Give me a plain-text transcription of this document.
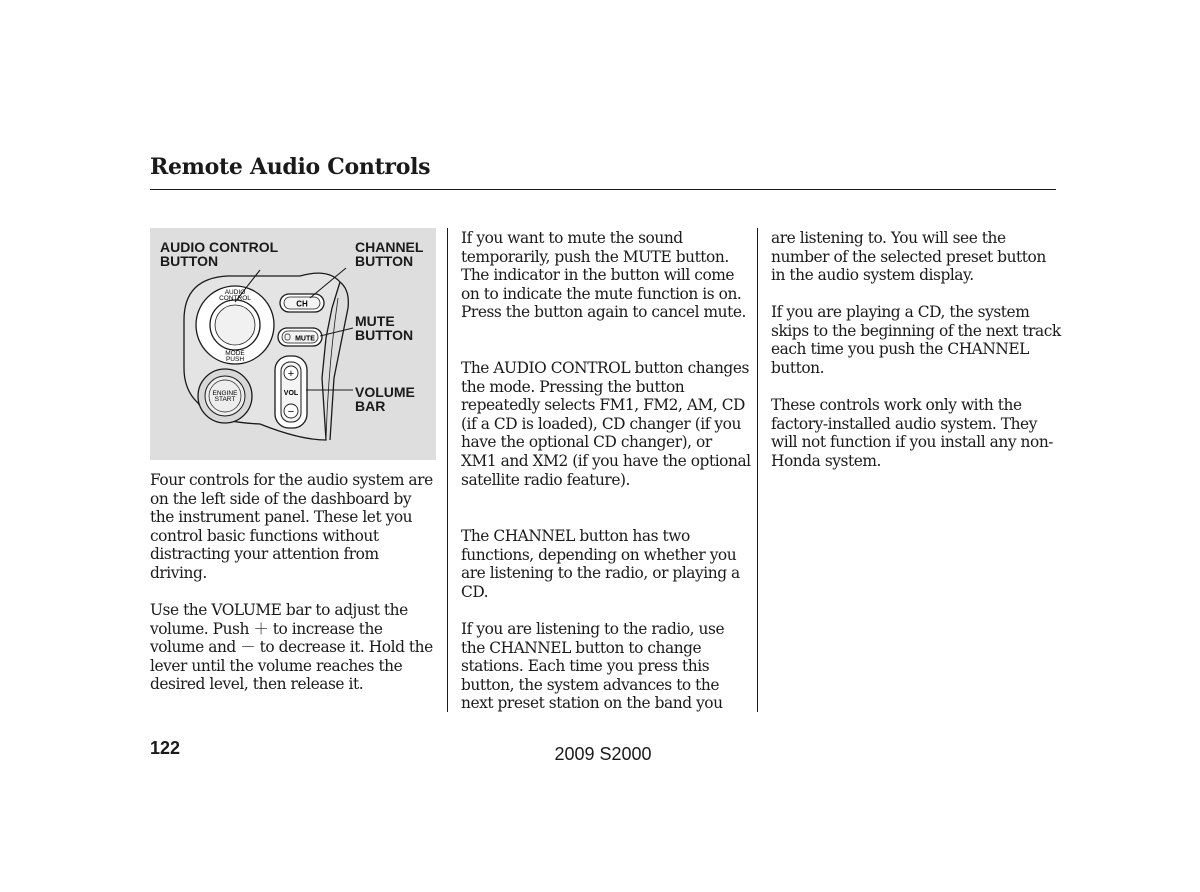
Remote Audio Controls
AUDIO
CONTROL
MODE
PUSH
ENGINE
START
CH
MUTE
+
VOL
−
AUDIO CONTROL
BUTTON
CHANNEL
BUTTON
MUTE
BUTTON
VOLUME
BAR

Four controls for the audio system are on the left side of the dashboard by the instrument panel. These let you control basic functions without distracting your attention from driving.

Use the VOLUME bar to adjust the volume. Push ＋ to increase the volume and － to decrease it. Hold the lever until the volume reaches the desired level, then release it.

If you want to mute the sound temporarily, push the MUTE button. The indicator in the button will come on to indicate the mute function is on. Press the button again to cancel mute.

The AUDIO CONTROL button changes the mode. Pressing the button repeatedly selects FM1, FM2, AM, CD (if a CD is loaded), CD changer (if you have the optional CD changer), or XM1 and XM2 (if you have the optional satellite radio feature).

The CHANNEL button has two functions, depending on whether you are listening to the radio, or playing a CD.

If you are listening to the radio, use the CHANNEL button to change stations. Each time you press this button, the system advances to the next preset station on the band you

are listening to. You will see the number of the selected preset button in the audio system display.

If you are playing a CD, the system skips to the beginning of the next track each time you push the CHANNEL button.

These controls work only with the factory-installed audio system. They will not function if you install any non-Honda system.

122	2009 S2000
